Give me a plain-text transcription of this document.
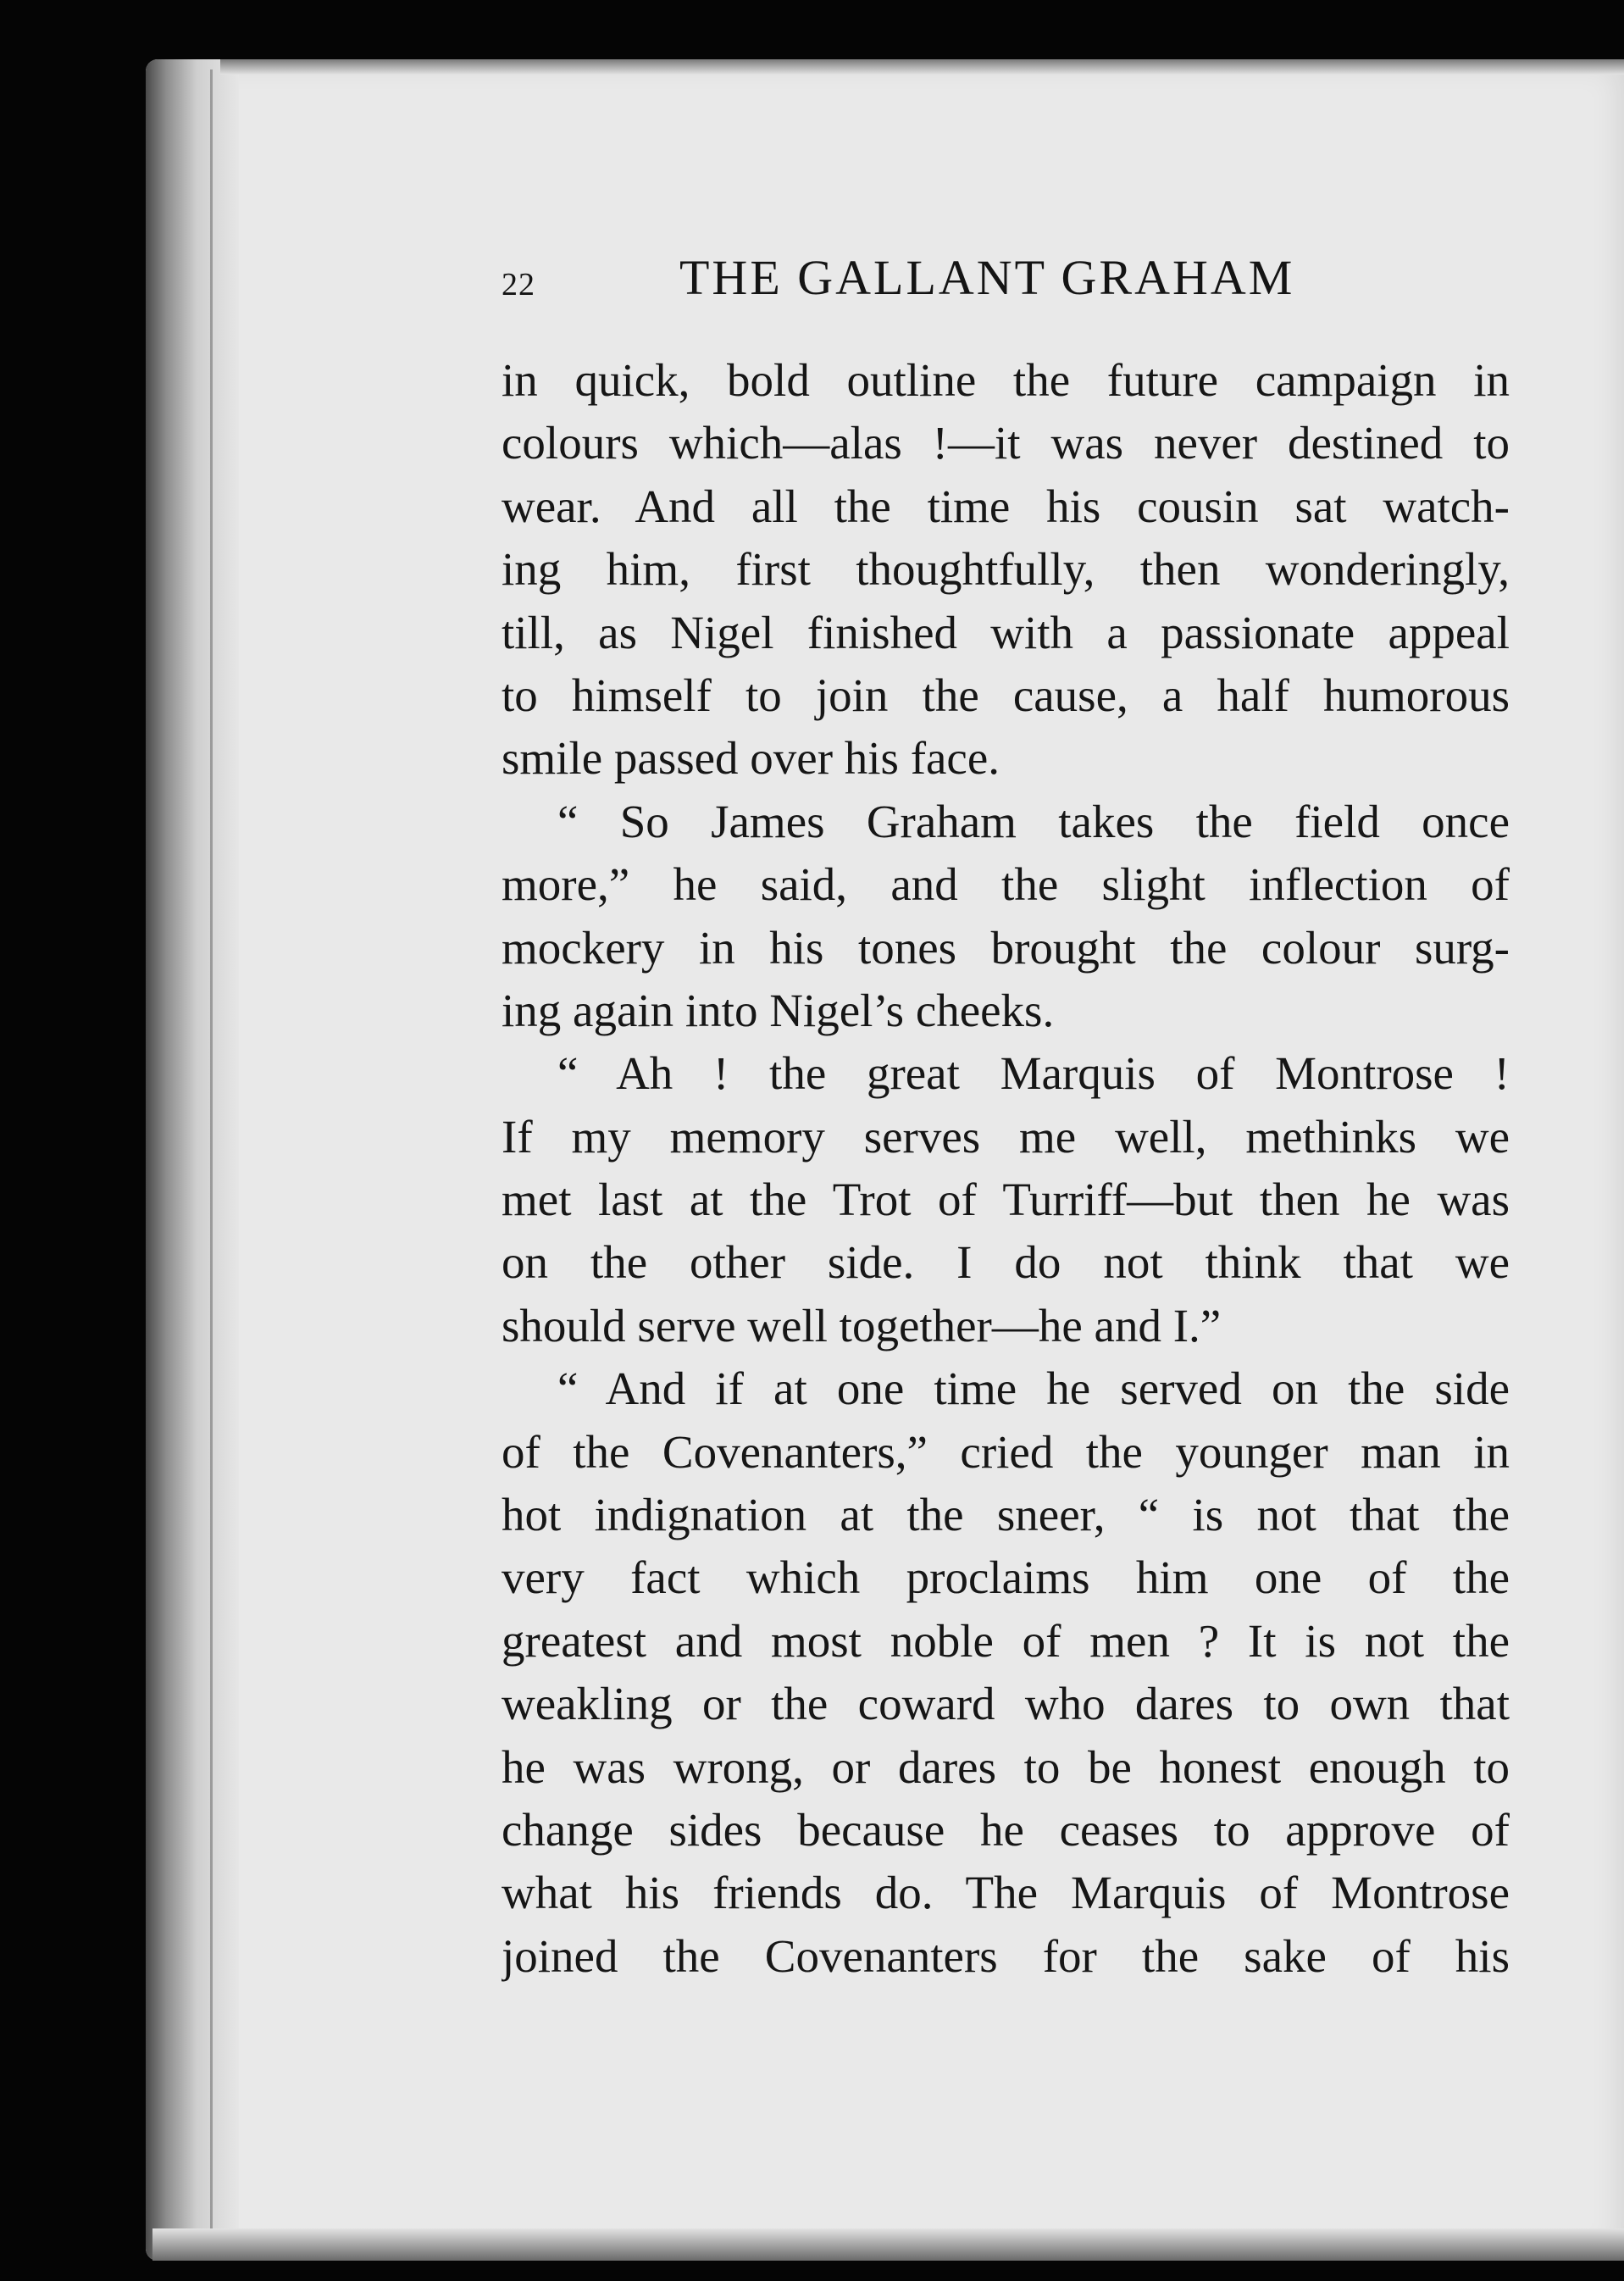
22	THE GALLANT GRAHAM
in quick, bold outline the future campaign in
colours which—alas !—it was never destined to
wear. And all the time his cousin sat watch-
ing him, first thoughtfully, then wonderingly,
till, as Nigel finished with a passionate appeal
to himself to join the cause, a half humorous
smile passed over his face.
“ So James Graham takes the field once
more,” he said, and the slight inflection of
mockery in his tones brought the colour surg-
ing again into Nigel’s cheeks.
“ Ah ! the great Marquis of Montrose !
If my memory serves me well, methinks we
met last at the Trot of Turriff—but then he was
on the other side. I do not think that we
should serve well together—he and I.”
“ And if at one time he served on the side
of the Covenanters,” cried the younger man in
hot indignation at the sneer, “ is not that the
very fact which proclaims him one of the
greatest and most noble of men ? It is not the
weakling or the coward who dares to own that
he was wrong, or dares to be honest enough to
change sides because he ceases to approve of
what his friends do. The Marquis of Montrose
joined the Covenanters for the sake of his
